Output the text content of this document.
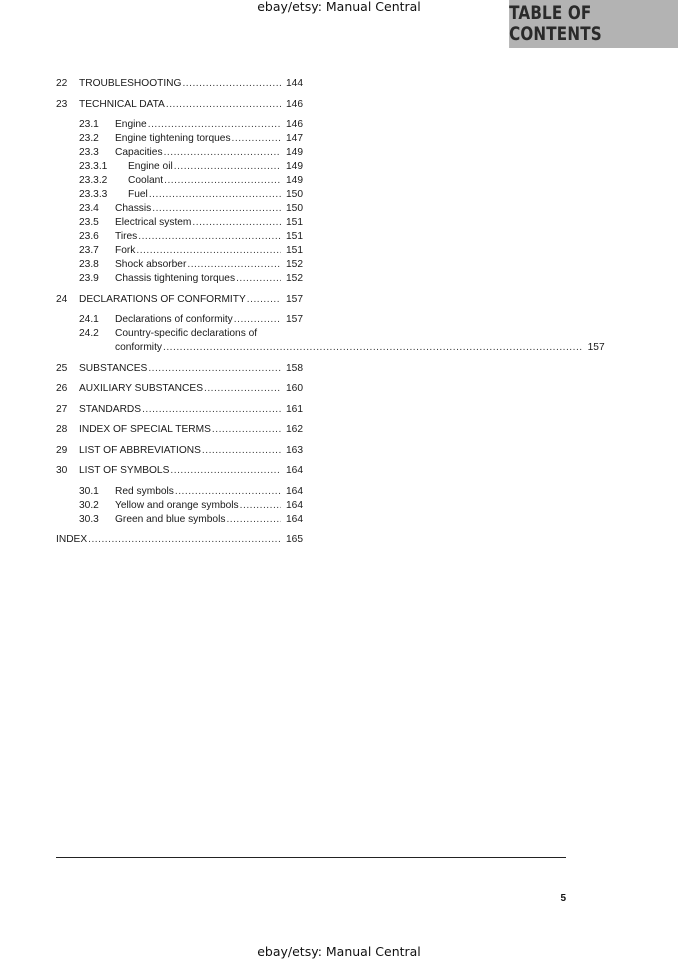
ebay/etsy: Manual Central	TABLE OF CONTENTS
22	TROUBLESHOOTING .....	144
23	TECHNICAL DATA .....	146
23.1	Engine .....	146
23.2	Engine tightening torques .....	147
23.3	Capacities .....	149
23.3.1	Engine oil .....	149
23.3.2	Coolant .....	149
23.3.3	Fuel .....	150
23.4	Chassis .....	150
23.5	Electrical system .....	151
23.6	Tires .....	151
23.7	Fork .....	151
23.8	Shock absorber .....	152
23.9	Chassis tightening torques .....	152
24	DECLARATIONS OF CONFORMITY .....	157
24.1	Declarations of conformity .....	157
24.2	Country-specific declarations of
conformity .....	157
25	SUBSTANCES .....	158
26	AUXILIARY SUBSTANCES .....	160
27	STANDARDS .....	161
28	INDEX OF SPECIAL TERMS .....	162
29	LIST OF ABBREVIATIONS .....	163
30	LIST OF SYMBOLS .....	164
30.1	Red symbols .....	164
30.2	Yellow and orange symbols .....	164
30.3	Green and blue symbols .....	164
INDEX .....	165
5
ebay/etsy: Manual Central
